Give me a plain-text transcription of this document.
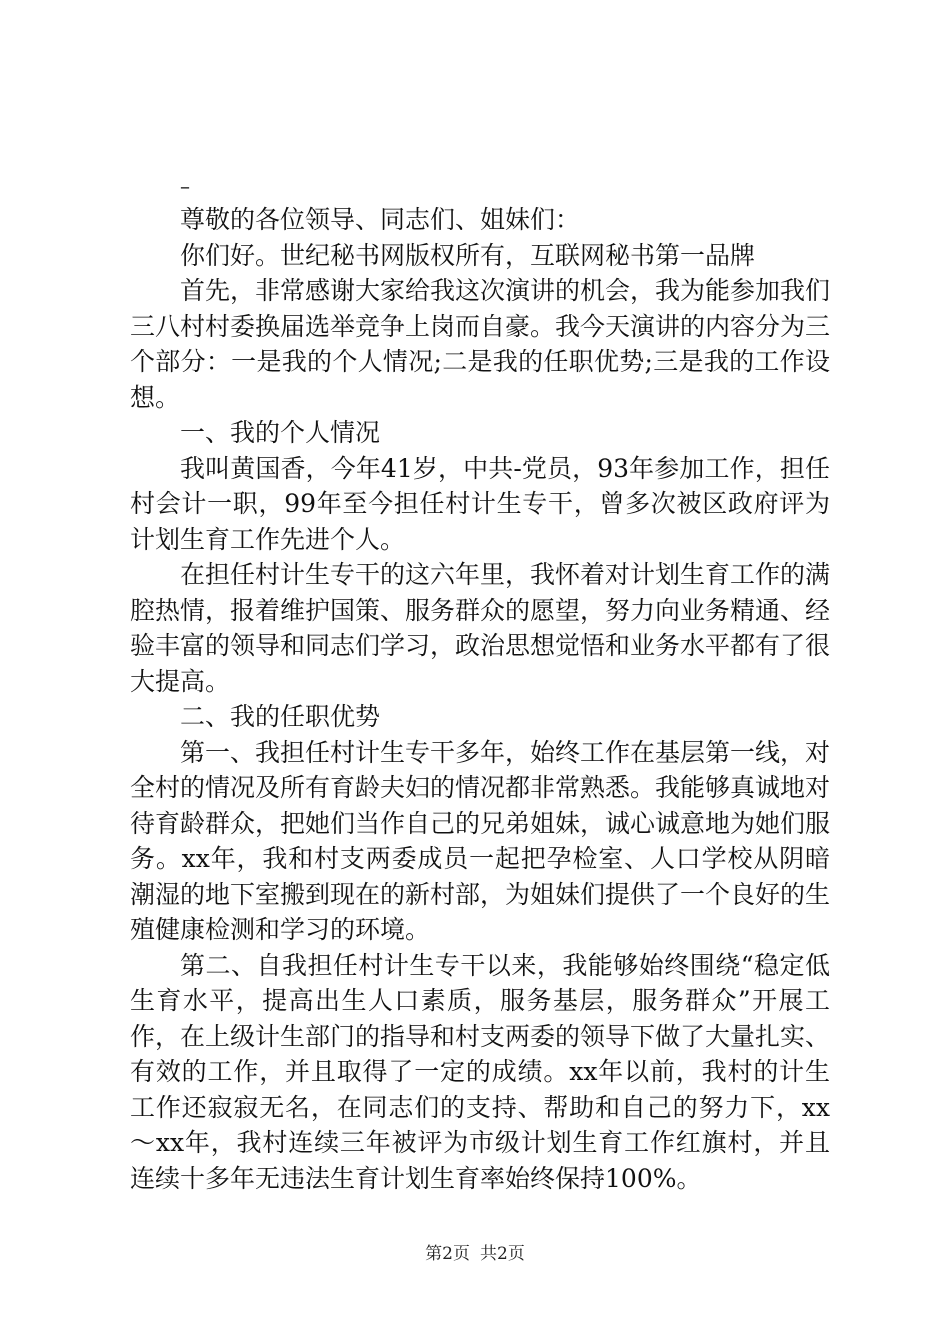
–

尊敬的各位领导、同志们、姐妹们：

你们好。世纪秘书网版权所有，互联网秘书第一品牌

首先，非常感谢大家给我这次演讲的机会，我为能参加我们三八村村委换届选举竞争上岗而自豪。我今天演讲的内容分为三个部分：一是我的个人情况;二是我的任职优势;三是我的工作设想。

一、我的个人情况

我叫黄国香，今年41岁，中共-党员，93年参加工作，担任村会计一职，99年至今担任村计生专干，曾多次被区政府评为计划生育工作先进个人。

在担任村计生专干的这六年里，我怀着对计划生育工作的满腔热情，报着维护国策、服务群众的愿望，努力向业务精通、经验丰富的领导和同志们学习，政治思想觉悟和业务水平都有了很大提高。

二、我的任职优势

第一、我担任村计生专干多年，始终工作在基层第一线，对全村的情况及所有育龄夫妇的情况都非常熟悉。我能够真诚地对待育龄群众，把她们当作自己的兄弟姐妹，诚心诚意地为她们服务。xx年，我和村支两委成员一起把孕检室、人口学校从阴暗潮湿的地下室搬到现在的新村部，为姐妹们提供了一个良好的生殖健康检测和学习的环境。

第二、自我担任村计生专干以来，我能够始终围绕“稳定低生育水平，提高出生人口素质，服务基层，服务群众”开展工作，在上级计生部门的指导和村支两委的领导下做了大量扎实、有效的工作，并且取得了一定的成绩。xx年以前，我村的计生工作还寂寂无名，在同志们的支持、帮助和自己的努力下，xx～xx年，我村连续三年被评为市级计划生育工作红旗村，并且连续十多年无违法生育计划生育率始终保持100%。

第2页 共2页
